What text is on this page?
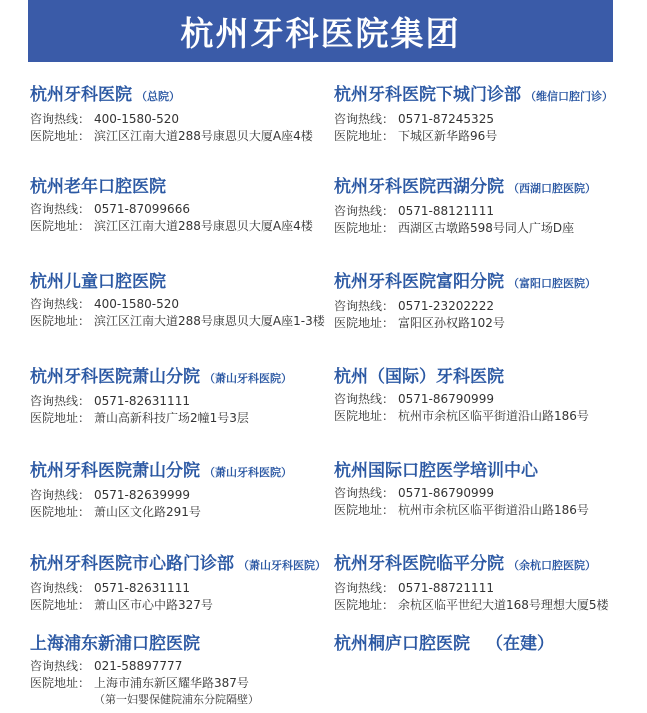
杭州牙科医院集团
杭州牙科医院 （总院）
咨询热线： 400-1580-520
医院地址： 滨江区江南大道288号康恩贝大厦A座4楼
杭州老年口腔医院
咨询热线： 0571-87099666
医院地址： 滨江区江南大道288号康恩贝大厦A座4楼
杭州儿童口腔医院
咨询热线： 400-1580-520
医院地址： 滨江区江南大道288号康恩贝大厦A座1-3楼
杭州牙科医院萧山分院 （萧山牙科医院）
咨询热线： 0571-82631111
医院地址： 萧山高新科技广场2幢1号3层
杭州牙科医院萧山分院 （萧山牙科医院）
咨询热线： 0571-82639999
医院地址： 萧山区文化路291号
杭州牙科医院市心路门诊部 （萧山牙科医院）
咨询热线： 0571-82631111
医院地址： 萧山区市心中路327号
上海浦东新浦口腔医院
咨询热线： 021-58897777
医院地址： 上海市浦东新区耀华路387号
（第一妇婴保健院浦东分院隔壁）
杭州牙科医院下城门诊部 （维信口腔门诊）
咨询热线： 0571-87245325
医院地址： 下城区新华路96号
杭州牙科医院西湖分院 （西湖口腔医院）
咨询热线： 0571-88121111
医院地址： 西湖区古墩路598号同人广场D座
杭州牙科医院富阳分院 （富阳口腔医院）
咨询热线： 0571-23202222
医院地址： 富阳区孙权路102号
杭州（国际）牙科医院
咨询热线： 0571-86790999
医院地址： 杭州市余杭区临平街道沿山路186号
杭州国际口腔医学培训中心
咨询热线： 0571-86790999
医院地址： 杭州市余杭区临平街道沿山路186号
杭州牙科医院临平分院 （余杭口腔医院）
咨询热线： 0571-88721111
医院地址： 余杭区临平世纪大道168号理想大厦5楼
杭州桐庐口腔医院 （在建）
